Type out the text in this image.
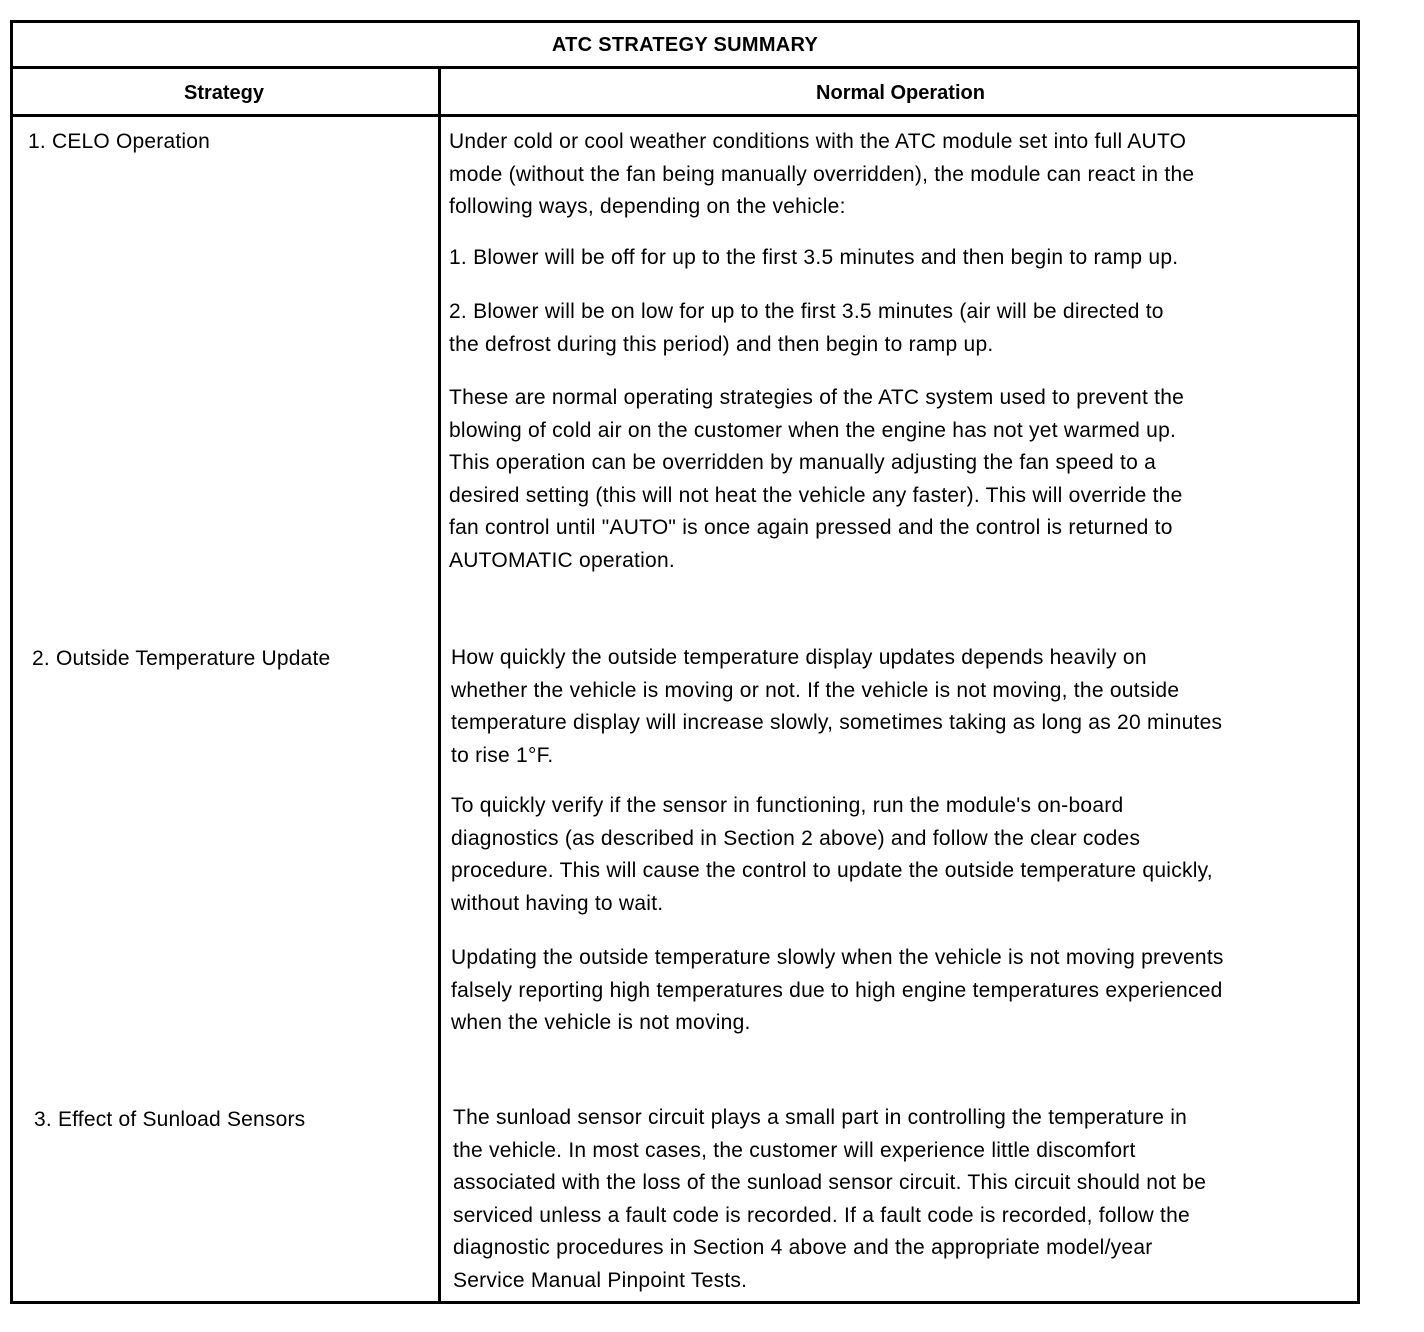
ATC STRATEGY SUMMARY
Strategy	Normal Operation
1. CELO Operation
2. Outside Temperature Update
3. Effect of Sunload Sensors
Under cold or cool weather conditions with the ATC module set into full AUTO
mode (without the fan being manually overridden), the module can react in the
following ways, depending on the vehicle:
1. Blower will be off for up to the first 3.5 minutes and then begin to ramp up.
2. Blower will be on low for up to the first 3.5 minutes (air will be directed to
the defrost during this period) and then begin to ramp up.
These are normal operating strategies of the ATC system used to prevent the
blowing of cold air on the customer when the engine has not yet warmed up.
This operation can be overridden by manually adjusting the fan speed to a
desired setting (this will not heat the vehicle any faster). This will override the
fan control until "AUTO" is once again pressed and the control is returned to
AUTOMATIC operation.
How quickly the outside temperature display updates depends heavily on
whether the vehicle is moving or not. If the vehicle is not moving, the outside
temperature display will increase slowly, sometimes taking as long as 20 minutes
to rise 1°F.
To quickly verify if the sensor in functioning, run the module's on-board
diagnostics (as described in Section 2 above) and follow the clear codes
procedure. This will cause the control to update the outside temperature quickly,
without having to wait.
Updating the outside temperature slowly when the vehicle is not moving prevents
falsely reporting high temperatures due to high engine temperatures experienced
when the vehicle is not moving.
The sunload sensor circuit plays a small part in controlling the temperature in
the vehicle. In most cases, the customer will experience little discomfort
associated with the loss of the sunload sensor circuit. This circuit should not be
serviced unless a fault code is recorded. If a fault code is recorded, follow the
diagnostic procedures in Section 4 above and the appropriate model/year
Service Manual Pinpoint Tests.
